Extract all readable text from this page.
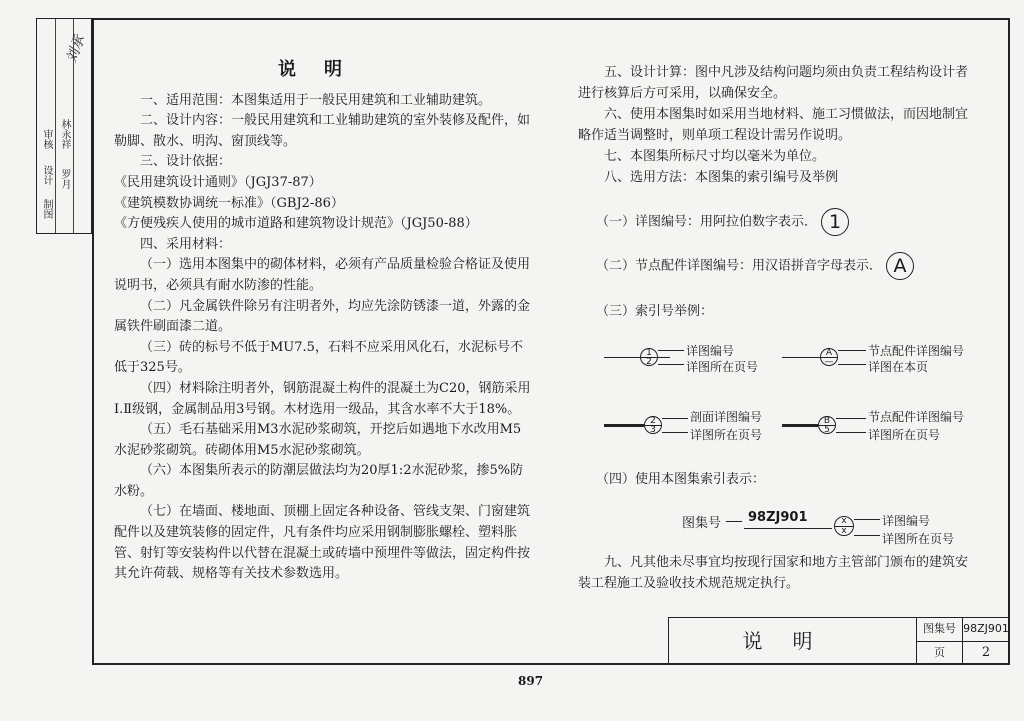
审核
设计
制图
林永祥
罗月
刘承

说明

一、适用范围：本图集适用于一般民用建筑和工业辅助建筑。

二、设计内容：一般民用建筑和工业辅助建筑的室外装修及配件，如勒脚、散水、明沟、窗顶线等。

三、设计依据：

《民用建筑设计通则》（JGJ37-87）

《建筑模数协调统一标准》（GBJ2-86）

《方便残疾人使用的城市道路和建筑物设计规范》（JGJ50-88）

四、采用材料：

（一）选用本图集中的砌体材料，必须有产品质量检验合格证及使用说明书，必须具有耐水防渗的性能。

（二）凡金属铁件除另有注明者外，均应先涂防锈漆一道，外露的金属铁件刷面漆二道。

（三）砖的标号不低于MU7.5，石料不应采用风化石，水泥标号不低于325号。

（四）材料除注明者外，钢筋混凝土构件的混凝土为C20，钢筋采用Ⅰ.Ⅱ级钢，金属制品用3号钢。木材选用一级品，其含水率不大于18%。

（五）毛石基础采用M3水泥砂浆砌筑，开挖后如遇地下水改用M5水泥砂浆砌筑。砖砌体用M5水泥砂浆砌筑。

（六）本图集所表示的防潮层做法均为20厚1:2水泥砂浆，掺5%防水粉。

（七）在墙面、楼地面、顶棚上固定各种设备、管线支架、门窗建筑配件以及建筑装修的固定件，凡有条件均应采用钢制膨胀螺栓、塑料胀管、射钉等安装构件以代替在混凝土或砖墙中预埋件等做法，固定构件按其允许荷载、规格等有关技术参数选用。

五、设计计算：图中凡涉及结构问题均须由负责工程结构设计者进行核算后方可采用，以确保安全。

六、使用本图集时如采用当地材料、施工习惯做法，而因地制宜略作适当调整时，则单项工程设计需另作说明。

七、本图集所标尺寸均以毫米为单位。

八、选用方法：本图集的索引编号及举例

（一）详图编号：用阿拉伯数字表示． 1
（二）节点配件详图编号：用汉语拼音字母表示． A
（三）索引号举例：
1
2
详图编号
详图所在页号
A
—
节点配件详图编号
详图在本页
2
3
剖面详图编号
详图所在页号
B
5
节点配件详图编号
详图所在页号
（四）使用本图集索引表示：
图集号 98ZJ901	x
x
详图编号
详图所在页号

九、凡其他未尽事宜均按现行国家和地方主管部门颁布的建筑安装工程施工及验收技术规范规定执行。

说明
图集号 98ZJ901
页	2
897
